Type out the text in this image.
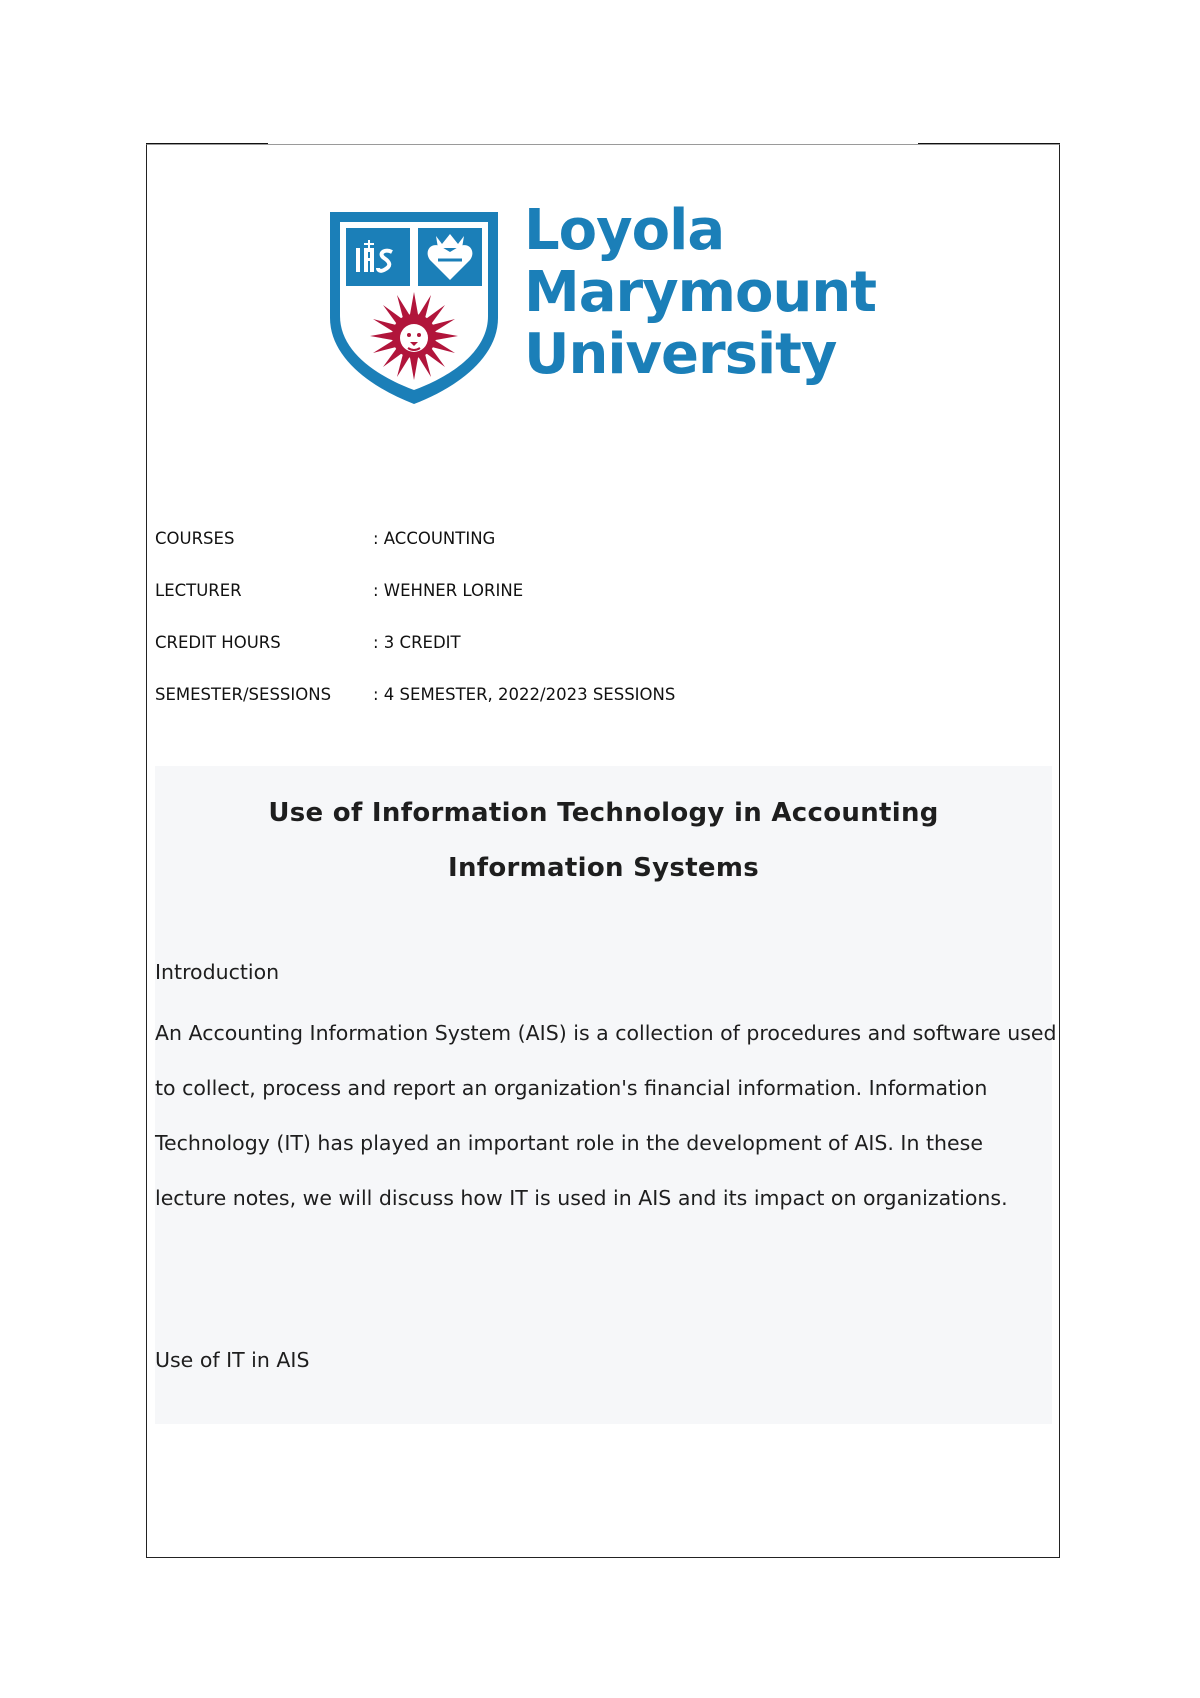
Loyola
Marymount
University
COURSES	: ACCOUNTING
LECTURER	: WEHNER LORINE
CREDIT HOURS	: 3 CREDIT
SEMESTER/SESSIONS	: 4 SEMESTER, 2022/2023 SESSIONS
Use of Information Technology in Accounting
Information Systems
Introduction
An Accounting Information System (AIS) is a collection of procedures and software used to collect, process and report an organization's financial information. Information Technology (IT) has played an important role in the development of AIS. In these lecture notes, we will discuss how IT is used in AIS and its impact on organizations.
Use of IT in AIS
